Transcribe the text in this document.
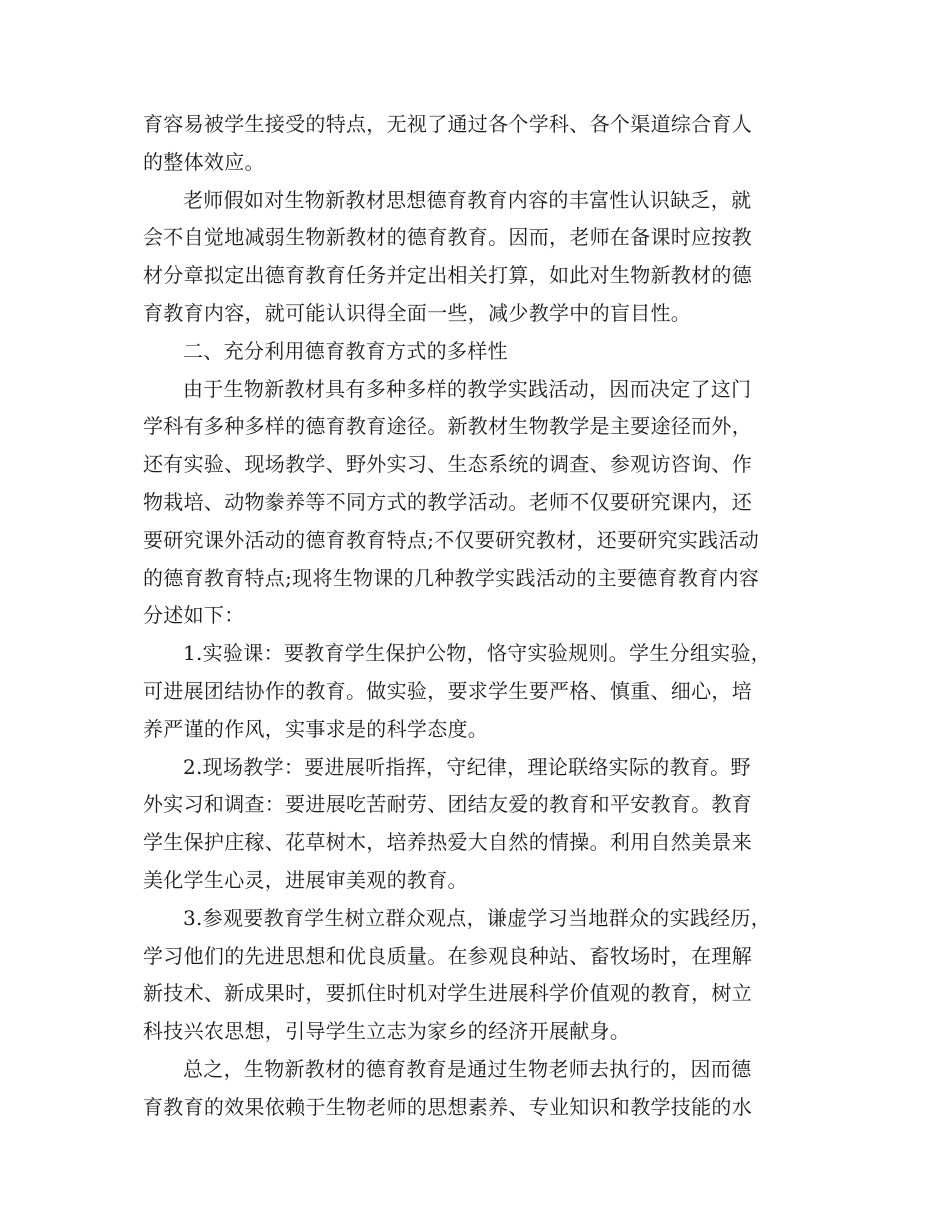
育容易被学生接受的特点，无视了通过各个学科、各个渠道综合育人
的整体效应。

老师假如对生物新教材思想德育教育内容的丰富性认识缺乏，就
会不自觉地减弱生物新教材的德育教育。因而，老师在备课时应按教
材分章拟定出德育教育任务并定出相关打算，如此对生物新教材的德
育教育内容，就可能认识得全面一些，减少教学中的盲目性。

二、充分利用德育教育方式的多样性

由于生物新教材具有多种多样的教学实践活动，因而决定了这门
学科有多种多样的德育教育途径。新教材生物教学是主要途径而外，
还有实验、现场教学、野外实习、生态系统的调查、参观访咨询、作
物栽培、动物豢养等不同方式的教学活动。老师不仅要研究课内，还
要研究课外活动的德育教育特点;不仅要研究教材，还要研究实践活动
的德育教育特点;现将生物课的几种教学实践活动的主要德育教育内容
分述如下：

1.实验课：要教育学生保护公物，恪守实验规则。学生分组实验，
可进展团结协作的教育。做实验，要求学生要严格、慎重、细心，培
养严谨的作风，实事求是的科学态度。

2.现场教学：要进展听指挥，守纪律，理论联络实际的教育。野
外实习和调查：要进展吃苦耐劳、团结友爱的教育和平安教育。教育
学生保护庄稼、花草树木，培养热爱大自然的情操。利用自然美景来
美化学生心灵，进展审美观的教育。

3.参观要教育学生树立群众观点，谦虚学习当地群众的实践经历，
学习他们的先进思想和优良质量。在参观良种站、畜牧场时，在理解
新技术、新成果时，要抓住时机对学生进展科学价值观的教育，树立
科技兴农思想，引导学生立志为家乡的经济开展献身。

总之，生物新教材的德育教育是通过生物老师去执行的，因而德
育教育的效果依赖于生物老师的思想素养、专业知识和教学技能的水
